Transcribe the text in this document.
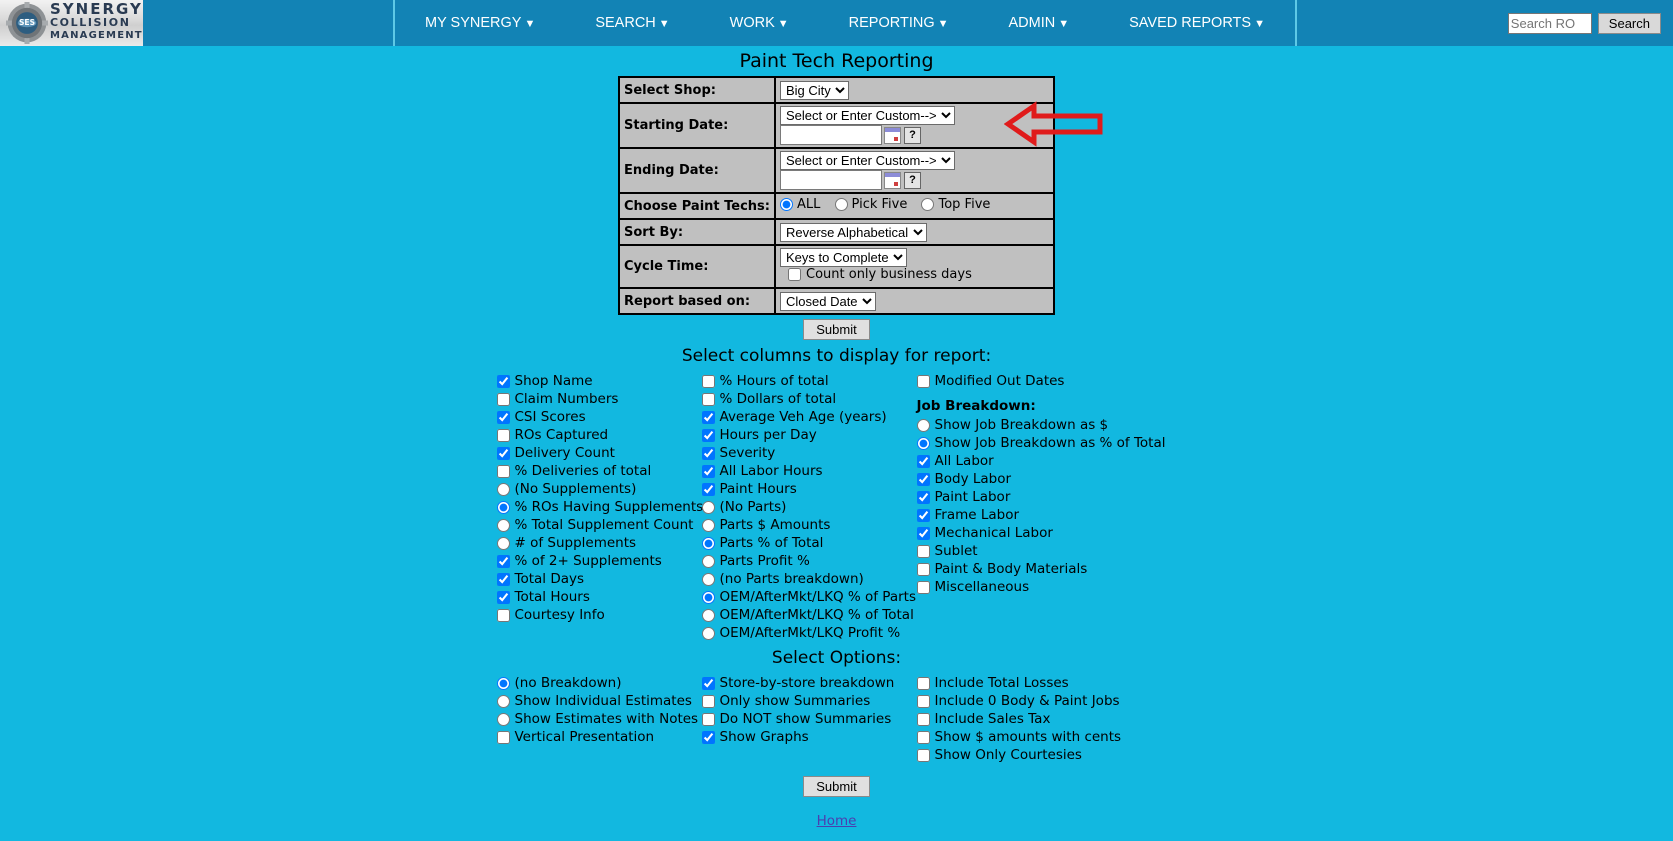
SES
SYNERGY
COLLISION
MANAGEMENT
MY SYNERGY ▼	SEARCH ▼	WORK ▼	REPORTING ▼	ADMIN ▼	SAVED REPORTS ▼
Search RO	Search
Paint Tech Reporting
Select Shop:	
Big City
Starting Date:	
Select or Enter Custom-->?
Ending Date:	
Select or Enter Custom-->?
Choose Paint Techs:	ALL
Pick Five
Top Five

Sort By:	
Reverse Alphabetical
Cycle Time:	
Keys to Complete
Count only business days

Report based on:	
Closed Date
Submit
Select columns to display for report:
Shop Name
Claim Numbers
CSI Scores
ROs Captured
Delivery Count
% Deliveries of total
(No Supplements)
% ROs Having Supplements
% Total Supplement Count
# of Supplements
% of 2+ Supplements
Total Days
Total Hours
Courtesy Info
% Hours of total
% Dollars of total
Average Veh Age (years)
Hours per Day
Severity
All Labor Hours
Paint Hours
(No Parts)
Parts $ Amounts
Parts % of Total
Parts Profit %
(no Parts breakdown)
OEM/AfterMkt/LKQ % of Parts
OEM/AfterMkt/LKQ % of Total
OEM/AfterMkt/LKQ Profit %
Modified Out Dates
Job Breakdown:
Show Job Breakdown as $
Show Job Breakdown as % of Total
All Labor
Body Labor
Paint Labor
Frame Labor
Mechanical Labor
Sublet
Paint & Body Materials
Miscellaneous
Select Options:
(no Breakdown)
Show Individual Estimates
Show Estimates with Notes
Vertical Presentation
Store-by-store breakdown
Only show Summaries
Do NOT show Summaries
Show Graphs
Include Total Losses
Include 0 Body & Paint Jobs
Include Sales Tax
Show $ amounts with cents
Show Only Courtesies
Submit
Home
